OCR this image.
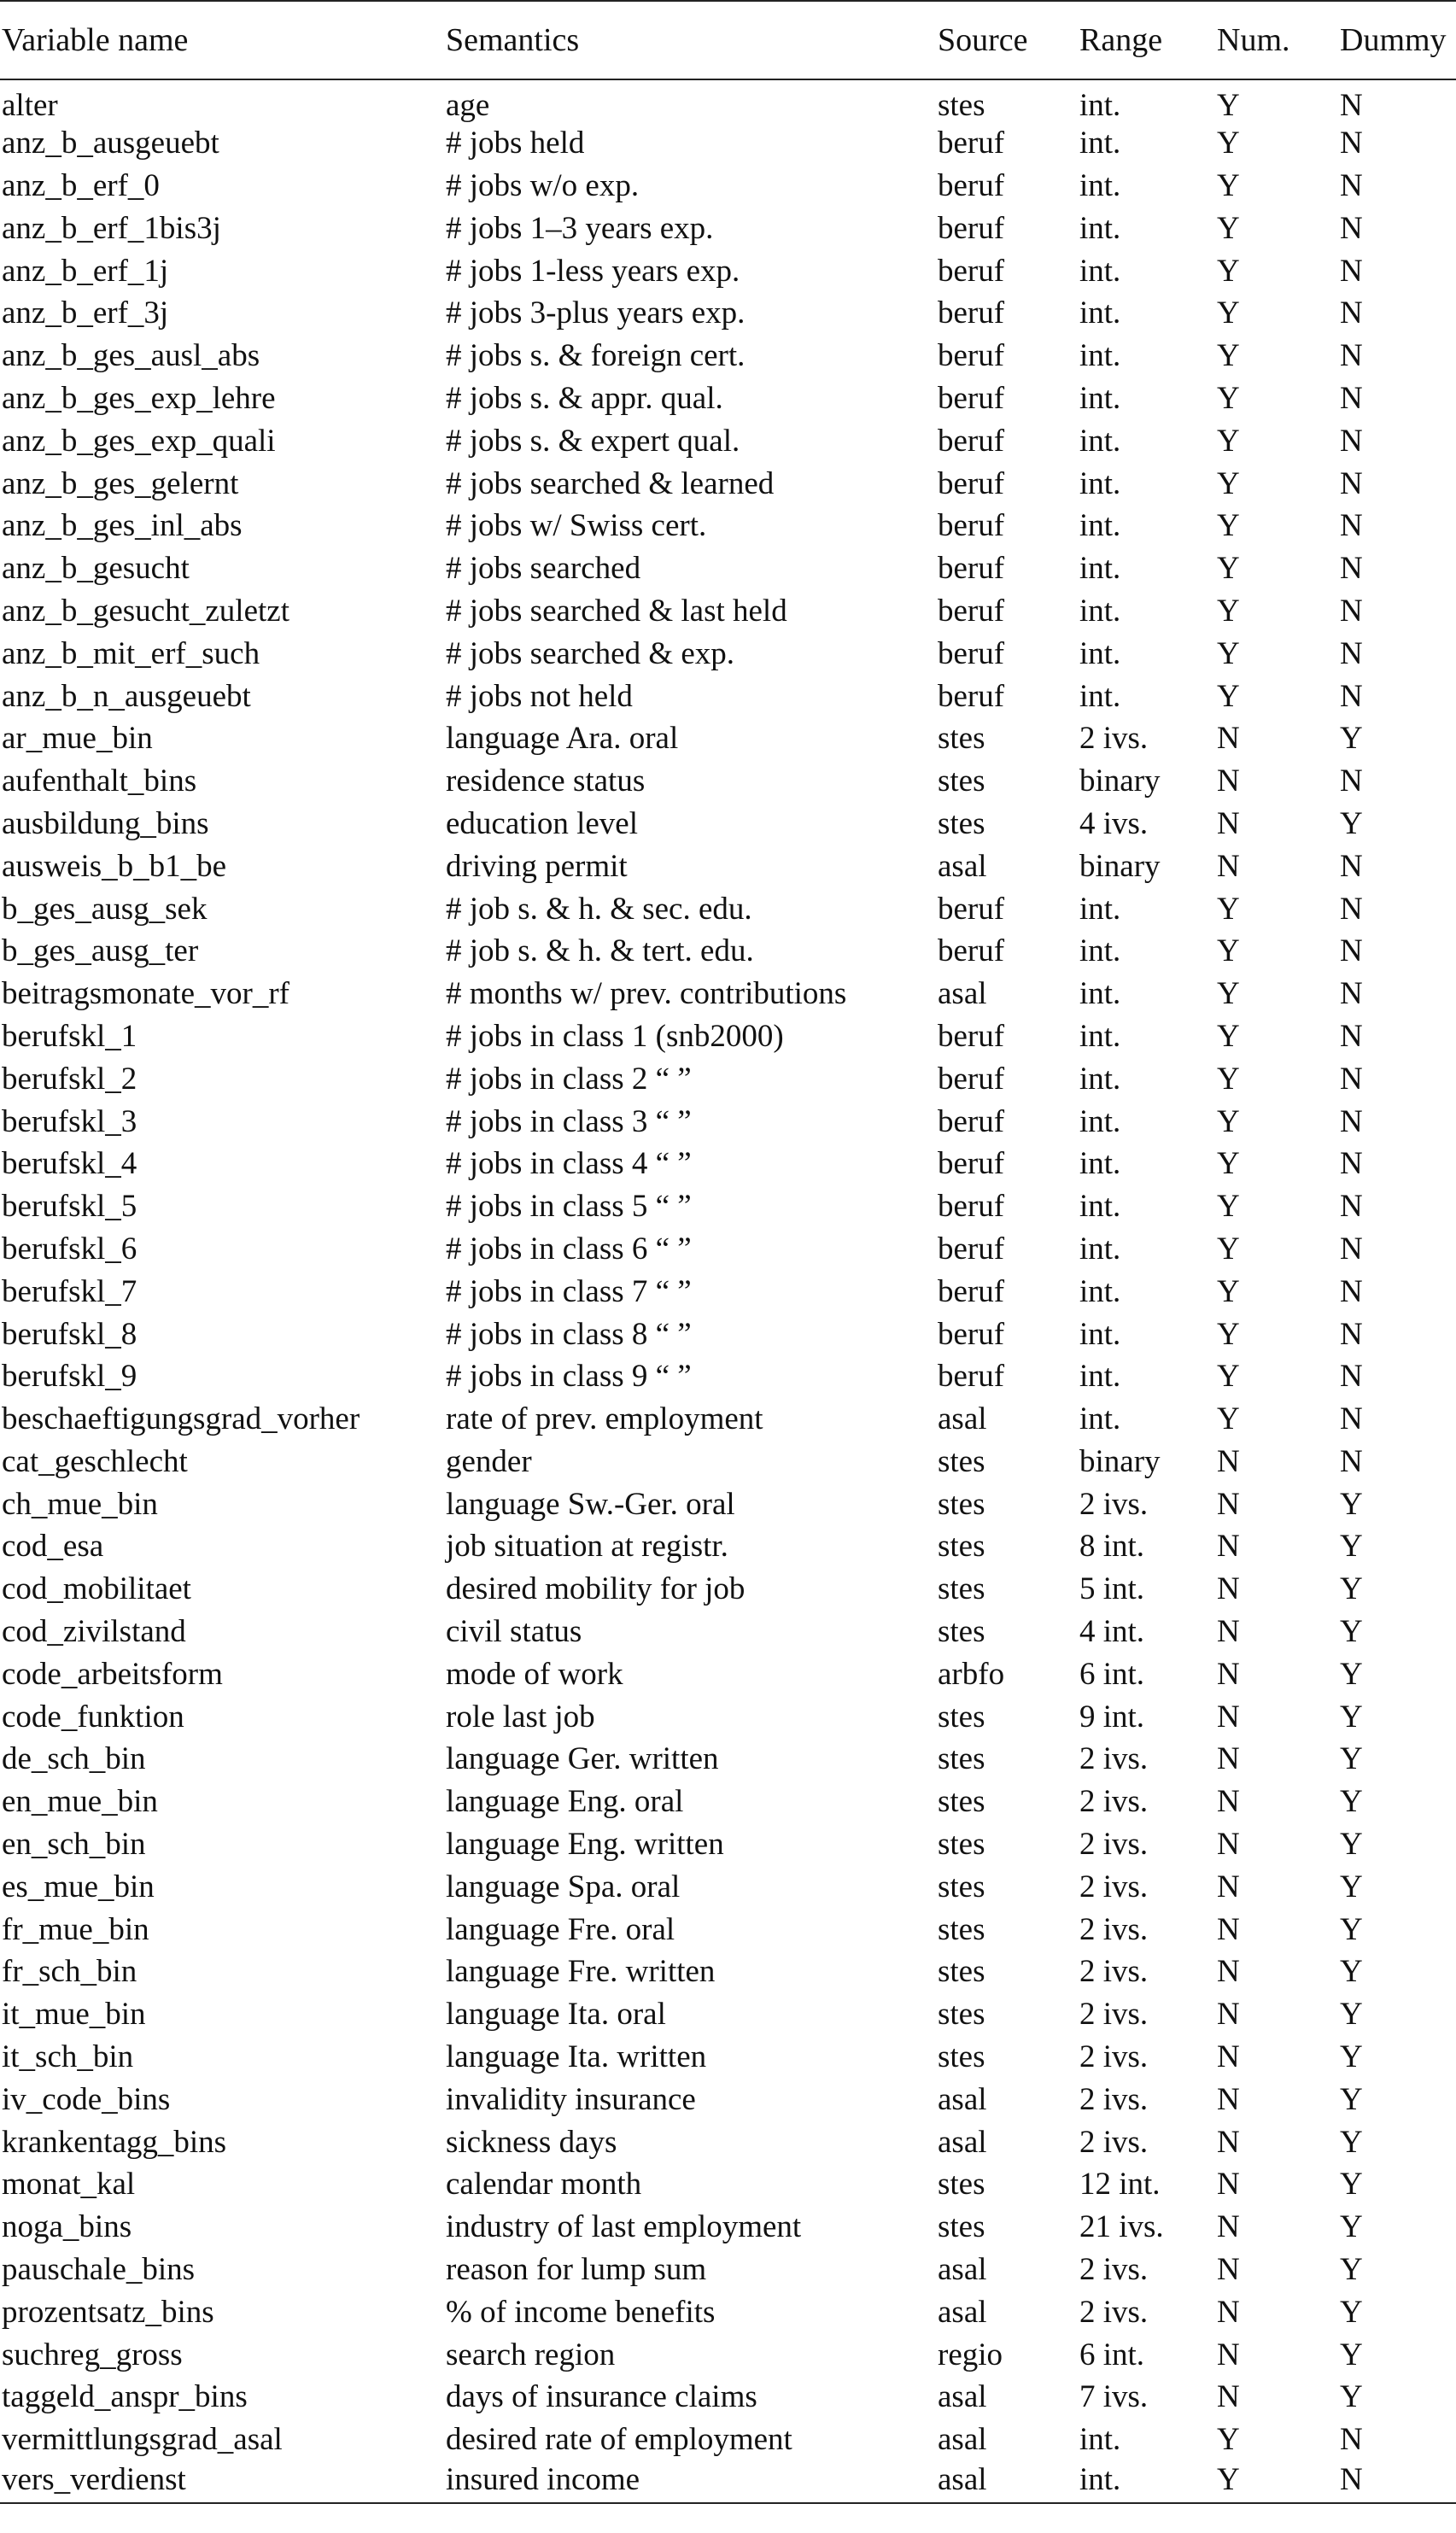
Variable name	Semantics	Source	Range	Num.	Dummy
alter	age	stes	int.	Y	N
anz_b_ausgeuebt	# jobs held	beruf	int.	Y	N
anz_b_erf_0	# jobs w/o exp.	beruf	int.	Y	N
anz_b_erf_1bis3j	# jobs 1–3 years exp.	beruf	int.	Y	N
anz_b_erf_1j	# jobs 1-less years exp.	beruf	int.	Y	N
anz_b_erf_3j	# jobs 3-plus years exp.	beruf	int.	Y	N
anz_b_ges_ausl_abs	# jobs s. & foreign cert.	beruf	int.	Y	N
anz_b_ges_exp_lehre	# jobs s. & appr. qual.	beruf	int.	Y	N
anz_b_ges_exp_quali	# jobs s. & expert qual.	beruf	int.	Y	N
anz_b_ges_gelernt	# jobs searched & learned	beruf	int.	Y	N
anz_b_ges_inl_abs	# jobs w/ Swiss cert.	beruf	int.	Y	N
anz_b_gesucht	# jobs searched	beruf	int.	Y	N
anz_b_gesucht_zuletzt	# jobs searched & last held	beruf	int.	Y	N
anz_b_mit_erf_such	# jobs searched & exp.	beruf	int.	Y	N
anz_b_n_ausgeuebt	# jobs not held	beruf	int.	Y	N
ar_mue_bin	language Ara. oral	stes	2 ivs.	N	Y
aufenthalt_bins	residence status	stes	binary	N	N
ausbildung_bins	education level	stes	4 ivs.	N	Y
ausweis_b_b1_be	driving permit	asal	binary	N	N
b_ges_ausg_sek	# job s. & h. & sec. edu.	beruf	int.	Y	N
b_ges_ausg_ter	# job s. & h. & tert. edu.	beruf	int.	Y	N
beitragsmonate_vor_rf	# months w/ prev. contributions	asal	int.	Y	N
berufskl_1	# jobs in class 1 (snb2000)	beruf	int.	Y	N
berufskl_2	# jobs in class 2 “ ”	beruf	int.	Y	N
berufskl_3	# jobs in class 3 “ ”	beruf	int.	Y	N
berufskl_4	# jobs in class 4 “ ”	beruf	int.	Y	N
berufskl_5	# jobs in class 5 “ ”	beruf	int.	Y	N
berufskl_6	# jobs in class 6 “ ”	beruf	int.	Y	N
berufskl_7	# jobs in class 7 “ ”	beruf	int.	Y	N
berufskl_8	# jobs in class 8 “ ”	beruf	int.	Y	N
berufskl_9	# jobs in class 9 “ ”	beruf	int.	Y	N
beschaeftigungsgrad_vorher	rate of prev. employment	asal	int.	Y	N
cat_geschlecht	gender	stes	binary	N	N
ch_mue_bin	language Sw.-Ger. oral	stes	2 ivs.	N	Y
cod_esa	job situation at registr.	stes	8 int.	N	Y
cod_mobilitaet	desired mobility for job	stes	5 int.	N	Y
cod_zivilstand	civil status	stes	4 int.	N	Y
code_arbeitsform	mode of work	arbfo	6 int.	N	Y
code_funktion	role last job	stes	9 int.	N	Y
de_sch_bin	language Ger. written	stes	2 ivs.	N	Y
en_mue_bin	language Eng. oral	stes	2 ivs.	N	Y
en_sch_bin	language Eng. written	stes	2 ivs.	N	Y
es_mue_bin	language Spa. oral	stes	2 ivs.	N	Y
fr_mue_bin	language Fre. oral	stes	2 ivs.	N	Y
fr_sch_bin	language Fre. written	stes	2 ivs.	N	Y
it_mue_bin	language Ita. oral	stes	2 ivs.	N	Y
it_sch_bin	language Ita. written	stes	2 ivs.	N	Y
iv_code_bins	invalidity insurance	asal	2 ivs.	N	Y
krankentagg_bins	sickness days	asal	2 ivs.	N	Y
monat_kal	calendar month	stes	12 int.	N	Y
noga_bins	industry of last employment	stes	21 ivs.	N	Y
pauschale_bins	reason for lump sum	asal	2 ivs.	N	Y
prozentsatz_bins	% of income benefits	asal	2 ivs.	N	Y
suchreg_gross	search region	regio	6 int.	N	Y
taggeld_anspr_bins	days of insurance claims	asal	7 ivs.	N	Y
vermittlungsgrad_asal	desired rate of employment	asal	int.	Y	N
vers_verdienst	insured income	asal	int.	Y	N
